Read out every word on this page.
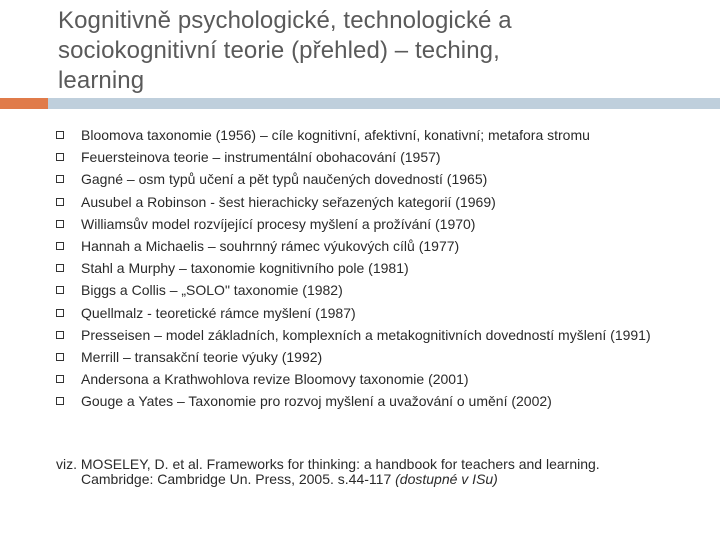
Kognitivně psychologické, technologické a
sociokognitivní teorie (přehled) – teching,
learning
Bloomova taxonomie (1956) – cíle kognitivní, afektivní, konativní; metafora stromu
Feuersteinova teorie – instrumentální obohacování (1957)
Gagné – osm typů učení a pět typů naučených dovedností (1965)
Ausubel a Robinson - šest hierachicky seřazených kategorií (1969)
Williamsův model rozvíjející procesy myšlení a prožívání (1970)
Hannah a Michaelis – souhrnný rámec výukových cílů (1977)
Stahl a Murphy – taxonomie kognitivního pole (1981)
Biggs a Collis – „SOLO" taxonomie (1982)
Quellmalz - teoretické rámce myšlení (1987)
Presseisen – model základních, komplexních a metakognitivních dovedností myšlení (1991)
Merrill – transakční teorie výuky (1992)
Andersona a Krathwohlova revize Bloomovy taxonomie (2001)
Gouge a Yates – Taxonomie pro rozvoj myšlení a uvažování o umění (2002)
viz. MOSELEY, D. et al. Frameworks for thinking: a handbook for teachers and learning.
Cambridge: Cambridge Un. Press, 2005. s.44-117 (dostupné v ISu)
